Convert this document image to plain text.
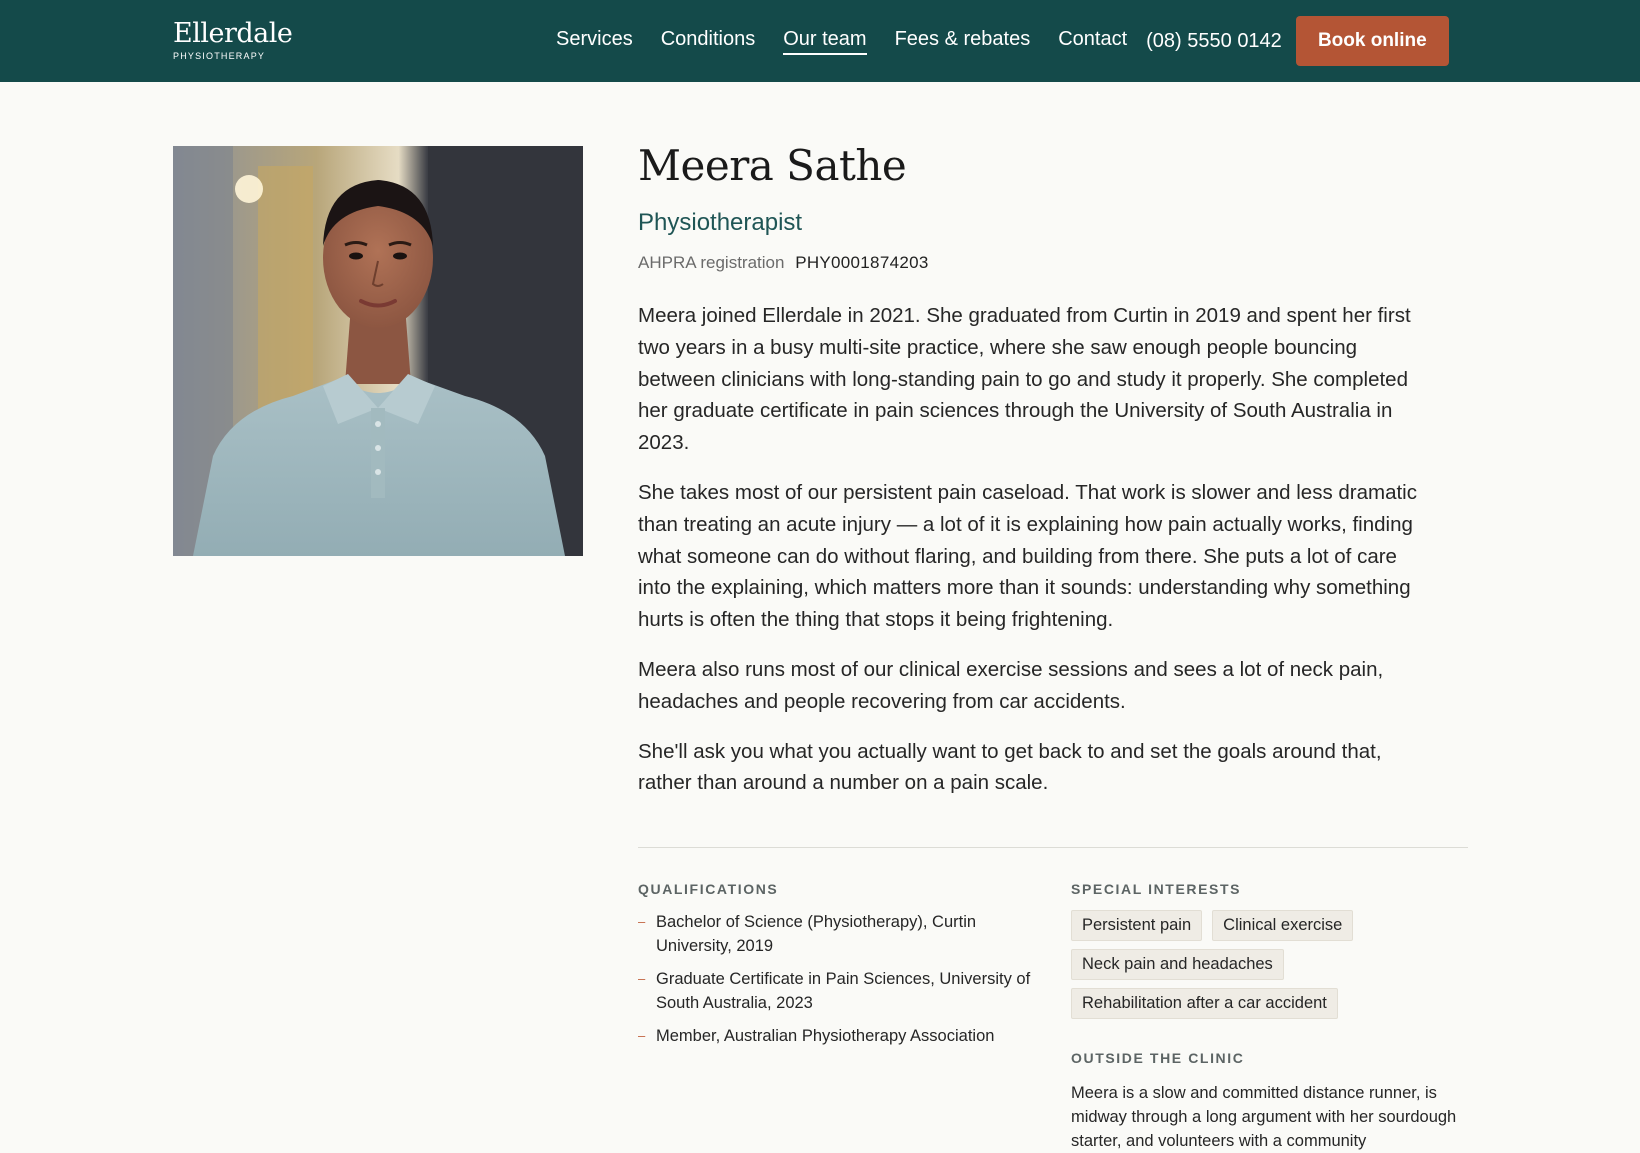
Ellerdale
PHYSIOTHERAPY
Services Conditions Our team Fees & rebates Contact (08) 5550 0142	Book online
Meera Sathe
Physiotherapist
AHPRA registration PHY0001874203

Meera joined Ellerdale in 2021. She graduated from Curtin in 2019 and spent her first two years in a busy multi-site practice, where she saw enough people bouncing between clinicians with long-standing pain to go and study it properly. She completed her graduate certificate in pain sciences through the University of South Australia in 2023.

She takes most of our persistent pain caseload. That work is slower and less dramatic than treating an acute injury — a lot of it is explaining how pain actually works, finding what someone can do without flaring, and building from there. She puts a lot of care into the explaining, which matters more than it sounds: understanding why something hurts is often the thing that stops it being frightening.

Meera also runs most of our clinical exercise sessions and sees a lot of neck pain, headaches and people recovering from car accidents.

She'll ask you what you actually want to get back to and set the goals around that, rather than around a number on a pain scale.

QUALIFICATIONS
– Bachelor of Science (Physiotherapy), Curtin University, 2019
– Graduate Certificate in Pain Sciences, University of South Australia, 2023
– Member, Australian Physiotherapy Association
SPECIAL INTERESTS
Persistent pain	Clinical exercise
Neck pain and headaches
Rehabilitation after a car accident
OUTSIDE THE CLINIC

Meera is a slow and committed distance runner, is midway through a long argument with her sourdough starter, and volunteers with a community
